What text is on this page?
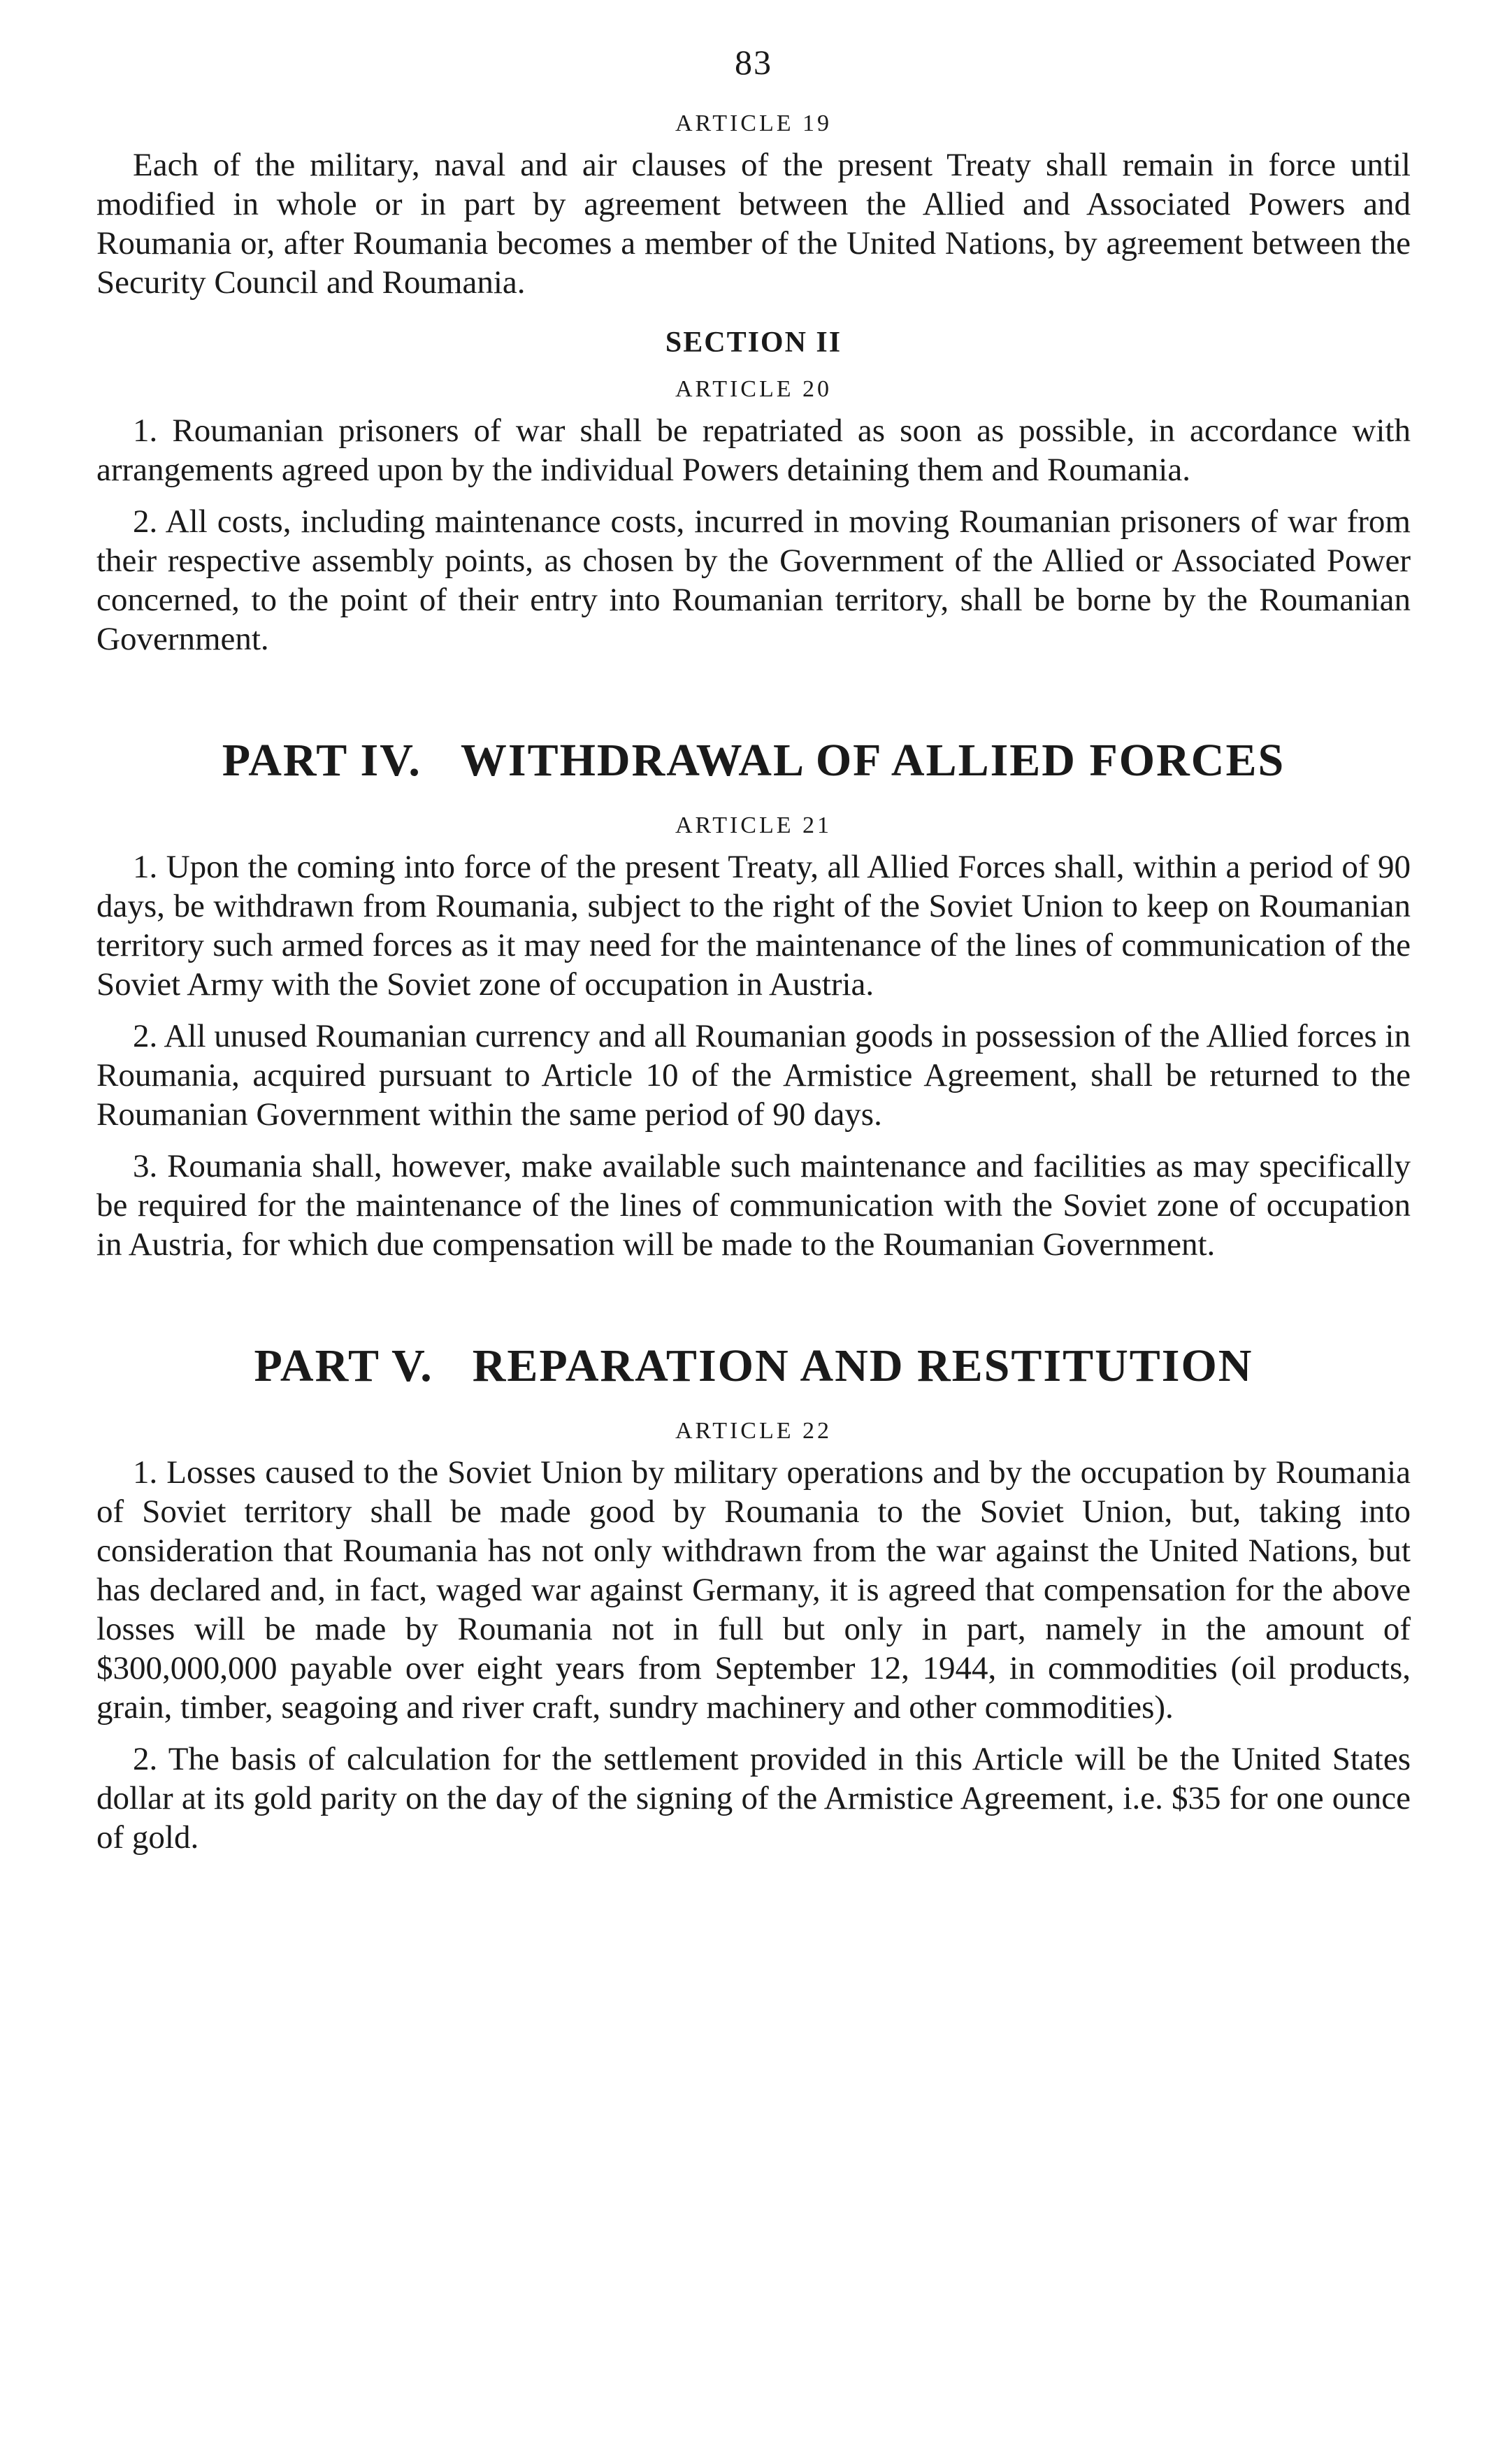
83
ARTICLE 19

Each of the military, naval and air clauses of the present Treaty shall remain in force until modified in whole or in part by agreement between the Allied and Associated Powers and Roumania or, after Roumania becomes a member of the United Nations, by agreement between the Security Council and Roumania.

SECTION II
ARTICLE 20

1. Roumanian prisoners of war shall be repatriated as soon as possible, in accordance with arrangements agreed upon by the individual Powers detaining them and Roumania.

2. All costs, including maintenance costs, incurred in moving Roumanian prisoners of war from their respective assembly points, as chosen by the Government of the Allied or Associated Power concerned, to the point of their entry into Roumanian territory, shall be borne by the Roumanian Government.

PART IV. WITHDRAWAL OF ALLIED FORCES
ARTICLE 21

1. Upon the coming into force of the present Treaty, all Allied Forces shall, within a period of 90 days, be withdrawn from Roumania, subject to the right of the Soviet Union to keep on Roumanian territory such armed forces as it may need for the maintenance of the lines of communication of the Soviet Army with the Soviet zone of occupation in Austria.

2. All unused Roumanian currency and all Roumanian goods in possession of the Allied forces in Roumania, acquired pursuant to Article 10 of the Armistice Agreement, shall be returned to the Roumanian Government within the same period of 90 days.

3. Roumania shall, however, make available such maintenance and facilities as may specifically be required for the maintenance of the lines of communication with the Soviet zone of occupation in Austria, for which due compensation will be made to the Roumanian Government.

PART V. REPARATION AND RESTITUTION
ARTICLE 22

1. Losses caused to the Soviet Union by military operations and by the occupation by Roumania of Soviet territory shall be made good by Roumania to the Soviet Union, but, taking into consideration that Roumania has not only withdrawn from the war against the United Nations, but has declared and, in fact, waged war against Germany, it is agreed that compensation for the above losses will be made by Roumania not in full but only in part, namely in the amount of $300,000,000 payable over eight years from September 12, 1944, in commodities (oil products, grain, timber, seagoing and river craft, sundry machinery and other commodities).

2. The basis of calculation for the settlement provided in this Article will be the United States dollar at its gold parity on the day of the signing of the Armistice Agreement, i.e. $35 for one ounce of gold.
